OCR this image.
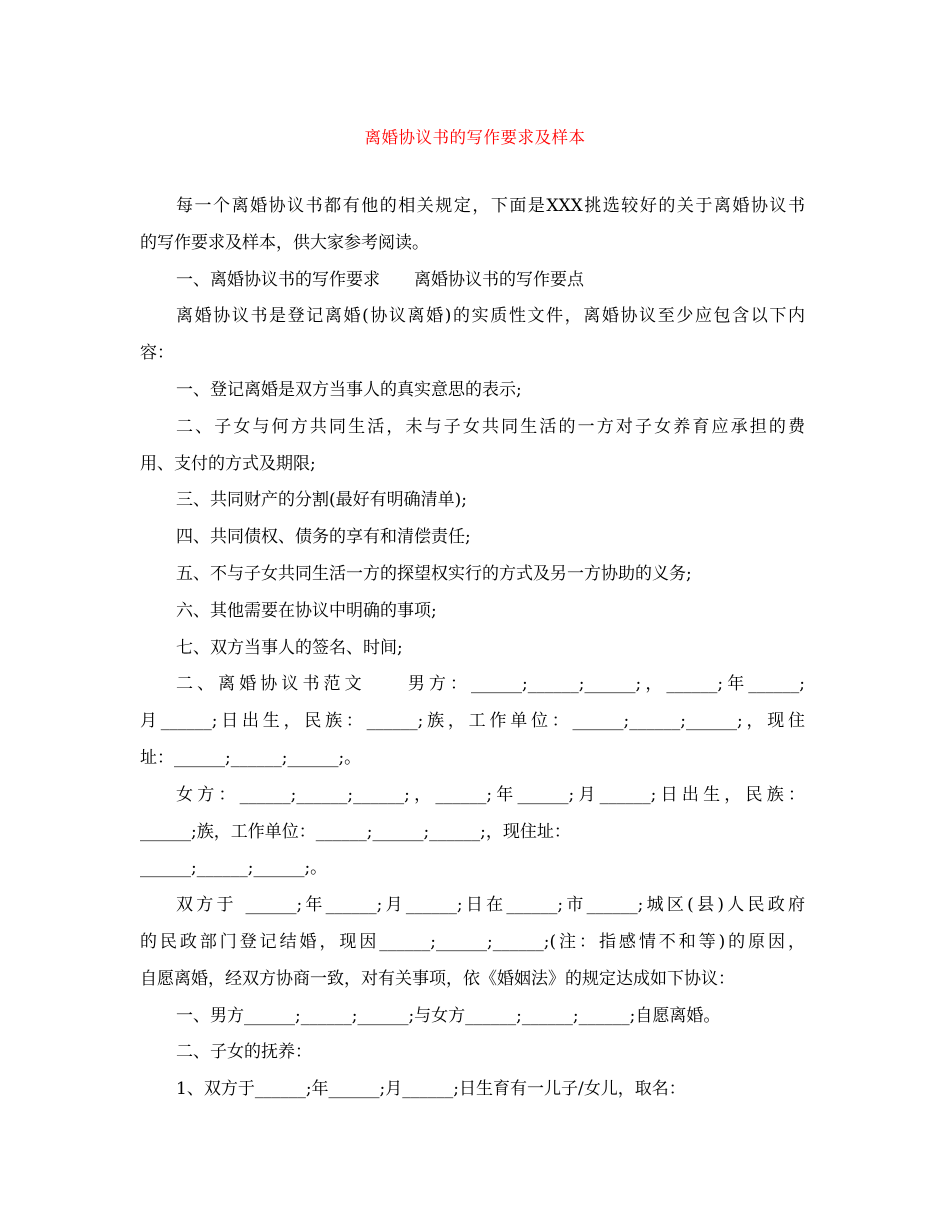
离婚协议书的写作要求及样本
每一个离婚协议书都有他的相关规定，下面是XXX挑选较好的关于离婚协议书
的写作要求及样本，供大家参考阅读。
一、离婚协议书的写作要求　　离婚协议书的写作要点
离婚协议书是登记离婚(协议离婚)的实质性文件，离婚协议至少应包含以下内
容：
一、登记离婚是双方当事人的真实意思的表示;
二、子女与何方共同生活，未与子女共同生活的一方对子女养育应承担的费
用、支付的方式及期限;
三、共同财产的分割(最好有明确清单);
四、共同债权、债务的享有和清偿责任;
五、不与子女共同生活一方的探望权实行的方式及另一方协助的义务;
六、其他需要在协议中明确的事项;
七、双方当事人的签名、时间;
二、离婚协议书范文　　男方：______;______;______;，______;年______;
月______;日出生，民族：______;族，工作单位：______;______;______;，现住
址：______;______;______;。
女方：______;______;______;，______;年______;月______;日出生，民族：
______;族，工作单位：______;______;______;，现住址：
______;______;______;。
双方于 ______;年______;月______;日在______;市______;城区(县)人民政府
的民政部门登记结婚，现因______;______;______;(注：指感情不和等)的原因，
自愿离婚，经双方协商一致，对有关事项，依《婚姻法》的规定达成如下协议：
一、男方______;______;______;与女方______;______;______;自愿离婚。
二、子女的抚养：
1、双方于______;年______;月______;日生育有一儿子/女儿，取名：
